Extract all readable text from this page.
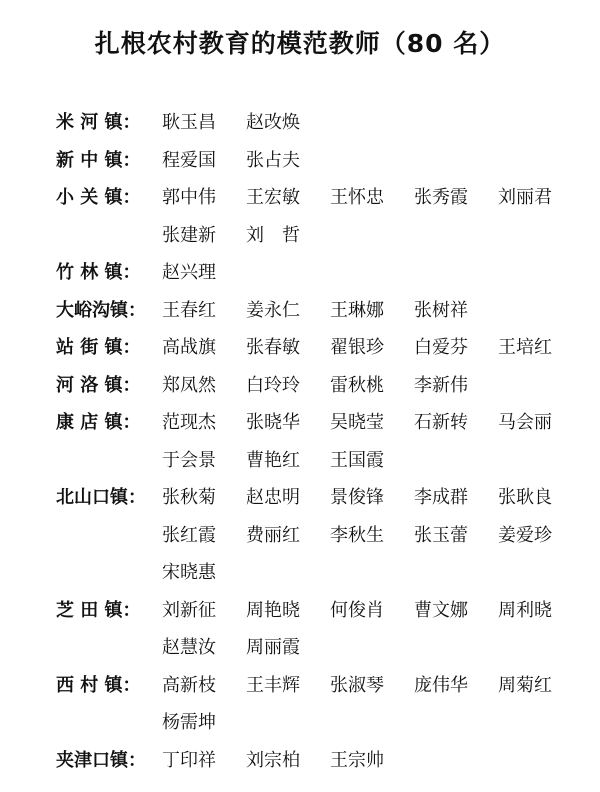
扎根农村教育的模范教师（80 名）
米 河 镇：	耿玉昌	赵改焕
新 中 镇：	程爱国	张占夫
小 关 镇：	郭中伟	王宏敏	王怀忠	张秀霞	刘丽君
张建新	刘　哲
竹 林 镇：	赵兴理
大峪沟镇： 王春红	姜永仁	王琳娜	张树祥
站 街 镇：	高战旗	张春敏	翟银珍	白爱芬	王培红
河 洛 镇：	郑凤然	白玲玲	雷秋桃	李新伟
康 店 镇：	范现杰	张晓华	吴晓莹	石新转	马会丽
于会景	曹艳红	王国霞
北山口镇： 张秋菊	赵忠明	景俊锋	李成群	张耿良
张红霞	费丽红	李秋生	张玉蕾	姜爱珍
宋晓惠
芝 田 镇：	刘新征	周艳晓	何俊肖	曹文娜	周利晓
赵慧汝	周丽霞
西 村 镇：	高新枝	王丰辉	张淑琴	庞伟华	周菊红
杨需坤
夹津口镇： 丁印祥	刘宗柏	王宗帅
